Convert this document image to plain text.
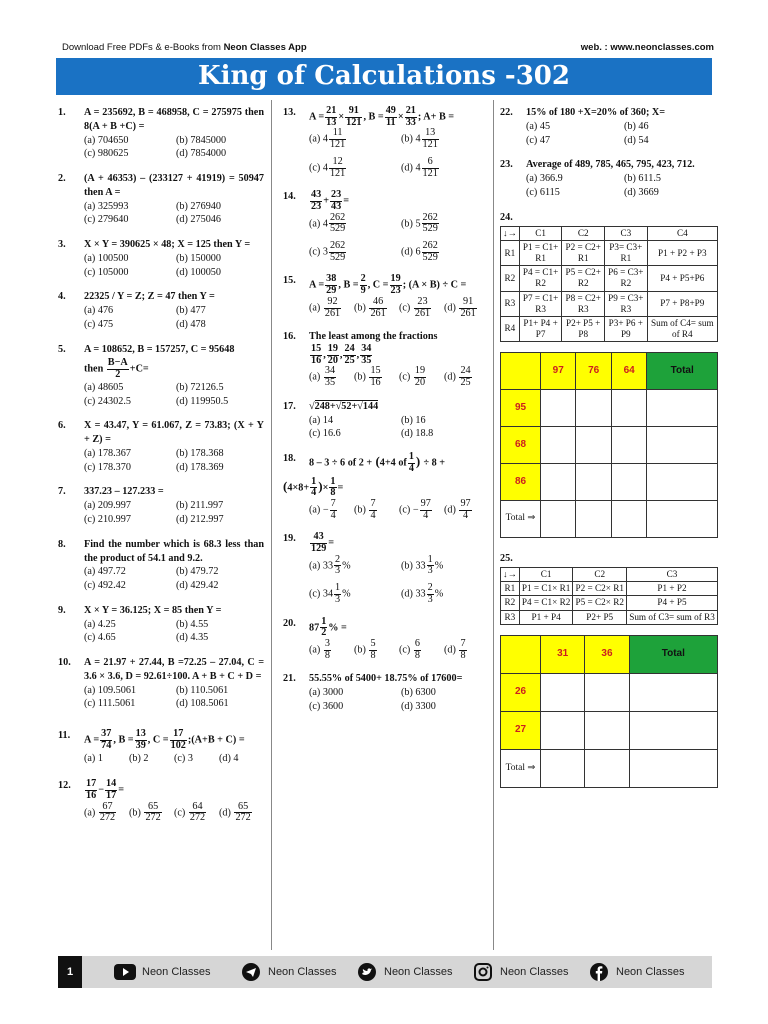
Download Free PDFs & e-Books from Neon Classes App	web. : www.neonclasses.com
King of Calculations -302
1. A = 235692, B = 468958, C = 275975 then 8(A + B +C) =
(a) 704650	(b) 7845000
(c) 980625	(d) 7854000
2. (A + 46353) – (233127 + 41919) = 50947 then A =
(a) 325993	(b) 276940
(c) 279640	(d) 275046
3. X × Y = 390625 × 48; X = 125 then Y =
(a) 100500	(b) 150000
(c) 105000	(d) 100050
4. 22325 / Y = Z; Z = 47 then Y =
(a) 476	(b) 477
(c) 475	(d) 478
5. A = 108652, B = 157257, C = 95648
then $\frac{B-A}{2} +C=$
(a) 48605	(b) 72126.5
(c) 24302.5	(d) 119950.5
6. X = 43.47, Y = 61.067, Z = 73.83; (X + Y + Z) =
(a) 178.367	(b) 178.368
(c) 178.370	(d) 178.369
7. 337.23 – 127.233 =
(a) 209.997	(b) 211.997
(c) 210.997	(d) 212.997
8. Find the number which is 68.3 less than the product of 54.1 and 9.2.
(a) 497.72	(b) 479.72
(c) 492.42	(d) 429.42
9. X × Y = 36.125; X = 85 then Y =
(a) 4.25	(b) 4.55
(c) 4.65	(d) 4.35
10. A = 21.97 + 27.44, B =72.25 – 27.04, C = 3.6 × 3.6, D = 92.61÷100. A + B + C + D =
(a) 109.5061	(b) 110.5061
(c) 111.5061	(d) 108.5061
11. $A = \frac{37}{74}$ , $B = \frac{13}{39}$ , $C = \frac{17}{102}$ ;(A+B + C) =
(a) 1	(b) 2	(c) 3	(d) 4
12. $\frac{17}{16} - \frac{14}{17}$ =
$(a) \frac{67}{272} (b) \frac{65}{272} (c) \frac{64}{272} (d) \frac{65}{272}$
13. $A = \frac{21}{13} \times \frac{91}{121}$ , $B = \frac{49}{11} \times \frac{21}{33}$ ; A+ B =
(a) $4 \frac{11}{121}$	(b) $4 \frac{13}{121}$
(c) $4 \frac{12}{121}$	(d) $4 \frac{6}{121}$
14. $\frac{43}{23} + \frac{23}{43}$ =
(a) $4 \frac{262}{529}$	(b) $5 \frac{262}{529}$
(c) $3 \frac{262}{529}$	(d) $6 \frac{262}{529}$
15. $A = \frac{38}{29}$ , $B = \frac{2}{9}$ , $C = \frac{19}{23}$ ; (A × B) ÷ C =
$(a) \frac{92}{261} (b) \frac{46}{261} (c) \frac{23}{261} (d) \frac{91}{261}$
16. The least among the fractions
$\frac{15}{16}$ , $\frac{19}{20}$ , $\frac{24}{25}$ , $\frac{34}{35}$
$(a) \frac{34}{35} (b) \frac{15}{16} (c) \frac{19}{20} (d) \frac{24}{25}$
17. √248+√52+√144
(a) 14	(b) 16
(c) 16.6	(d) 18.8
18. 8 – 3 ÷ 6 of 2 + (4+4 of $\frac{1}{4}$ ) ÷ 8 +
($4\times 8+ \frac{1}{4}$ )× $\frac{1}{8}$ =
$(a) - \frac{7}{4} (b) \frac{7}{4} (c) - \frac{97}{4} (d) \frac{97}{4}$
19. $\frac{43}{129}$ =
(a) $33 \frac{2}{3}$ %	(b) $33 \frac{1}{3}$ %
(c) $34 \frac{1}{3}$ %	(d) $33 \frac{2}{3}$ %
20. $87 \frac{1}{2}$ % =
$(a) \frac{3}{8} (b) \frac{5}{8} (c) \frac{6}{8} (d) \frac{7}{8}$
21. 55.55% of 5400+ 18.75% of 17600=
(a) 3000	(b) 6300
(c) 3600	(d) 3300
22. 15% of 180 +X=20% of 360; X=
(a) 45	(b) 46
(c) 47	(d) 54
23. Average of 489, 785, 465, 795, 423, 712.
(a) 366.9	(b) 611.5
(c) 6115	(d) 3669
24.
↓→	C1	C2	C3	C4
R1	P1 = C1+ R1	P2 = C2+ R1	P3= C3+ R1	P1 + P2 + P3
R2	P4 = C1+ R2	P5 = C2+ R2	P6 = C3+ R2	P4 + P5+P6
R3	P7 = C1+ R3	P8 = C2+ R3	P9 = C3+ R3	P7 + P8+P9
R4	P1+ P4 + P7	P2+ P5 + P8	P3+ P6 + P9	Sum of C4= sum of R4
	97	76	64	Total
95				
68				
86				
Total ⇒				
25.
↓→	C1	C2	C3
R1	P1 = C1× R1	P2 = C2× R1	P1 + P2
R2	P4 = C1× R2	P5 = C2× R2	P4 + P5
R3	P1 + P4	P2+ P5	Sum of C3= sum of R3
	31	36	Total
26			
27			
Total ⇒			
1	Neon Classes	Neon Classes	Neon Classes	Neon Classes	Neon Classes
